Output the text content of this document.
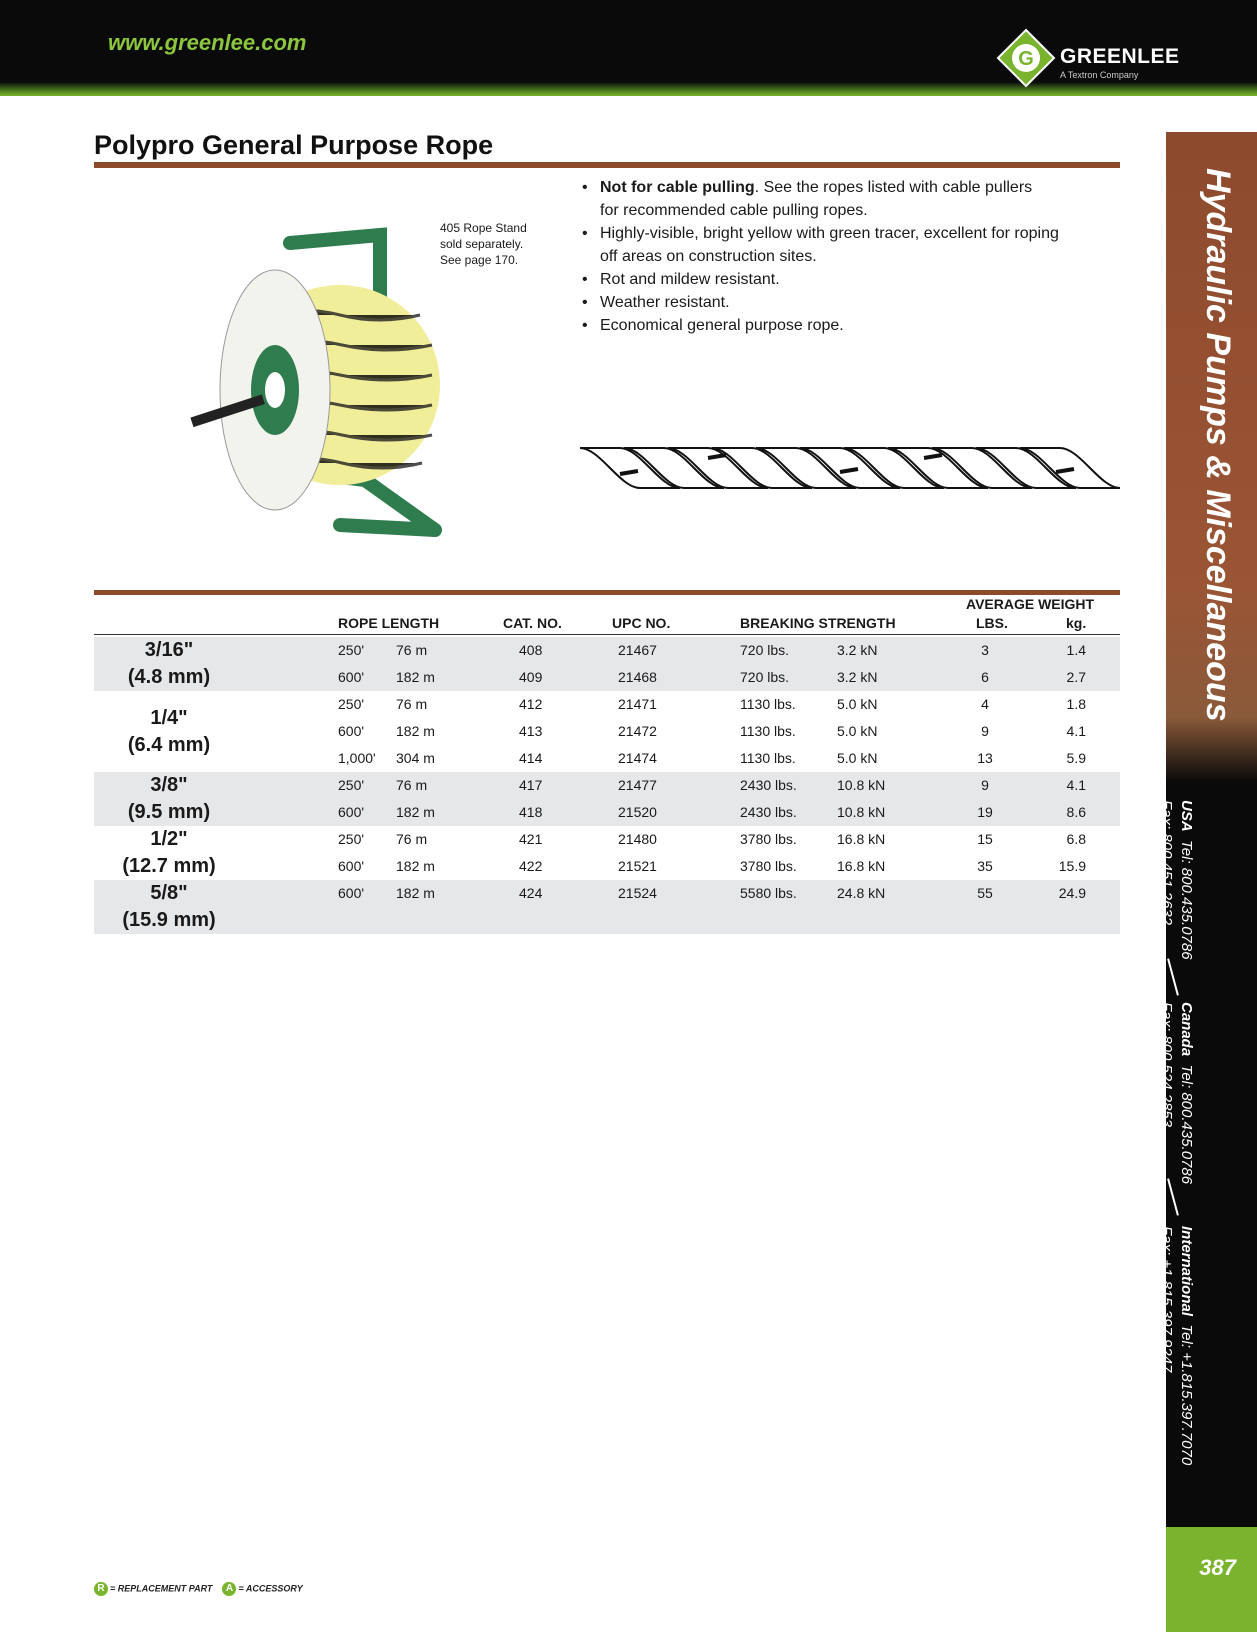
www.greenlee.com
G GREENLEE
A Textron Company
Polypro General Purpose Rope
405 Rope Stand
sold separately.
See page 170.
• Not for cable pulling. See the ropes listed with cable pullers
for recommended cable pulling ropes.
• Highly-visible, bright yellow with green tracer, excellent for roping
off areas on construction sites.
• Rot and mildew resistant.
• Weather resistant.
• Economical general purpose rope.	Hydraulic Pumps & Miscellaneous
USA  Tel: 800.435.0786
Fax: 800.451.2632
Canada  Tel: 800.435.0786
Fax: 800.524.2853
International  Tel: +1.815.397.7070
Fax: +1.815.397.9247
387
AVERAGE WEIGHT
ROPE LENGTH	CAT. NO.	UPC NO.	BREAKING STRENGTH	LBS.	kg.
3/16"
(4.8 mm)
250' 76 m	408	21467	720 lbs.	3.2 kN	3	1.4
600' 182 m	409	21468	720 lbs.	3.2 kN	6	2.7
1/4"
(6.4 mm)
250' 76 m	412	21471	1130 lbs.	5.0 kN	4	1.8
600' 182 m	413	21472	1130 lbs.	5.0 kN	9	4.1
1,000' 304 m	414	21474	1130 lbs.	5.0 kN	13	5.9
3/8"
(9.5 mm)
250' 76 m	417	21477	2430 lbs.	10.8 kN	9	4.1
600' 182 m	418	21520	2430 lbs.	10.8 kN	19	8.6
1/2"
(12.7 mm)
250' 76 m	421	21480	3780 lbs.	16.8 kN	15	6.8
600' 182 m	422	21521	3780 lbs.	16.8 kN	35	15.9
5/8"
(15.9 mm)
600' 182 m	424	21524	5580 lbs.	24.8 kN	55	24.9
R = REPLACEMENT PART A = ACCESSORY
